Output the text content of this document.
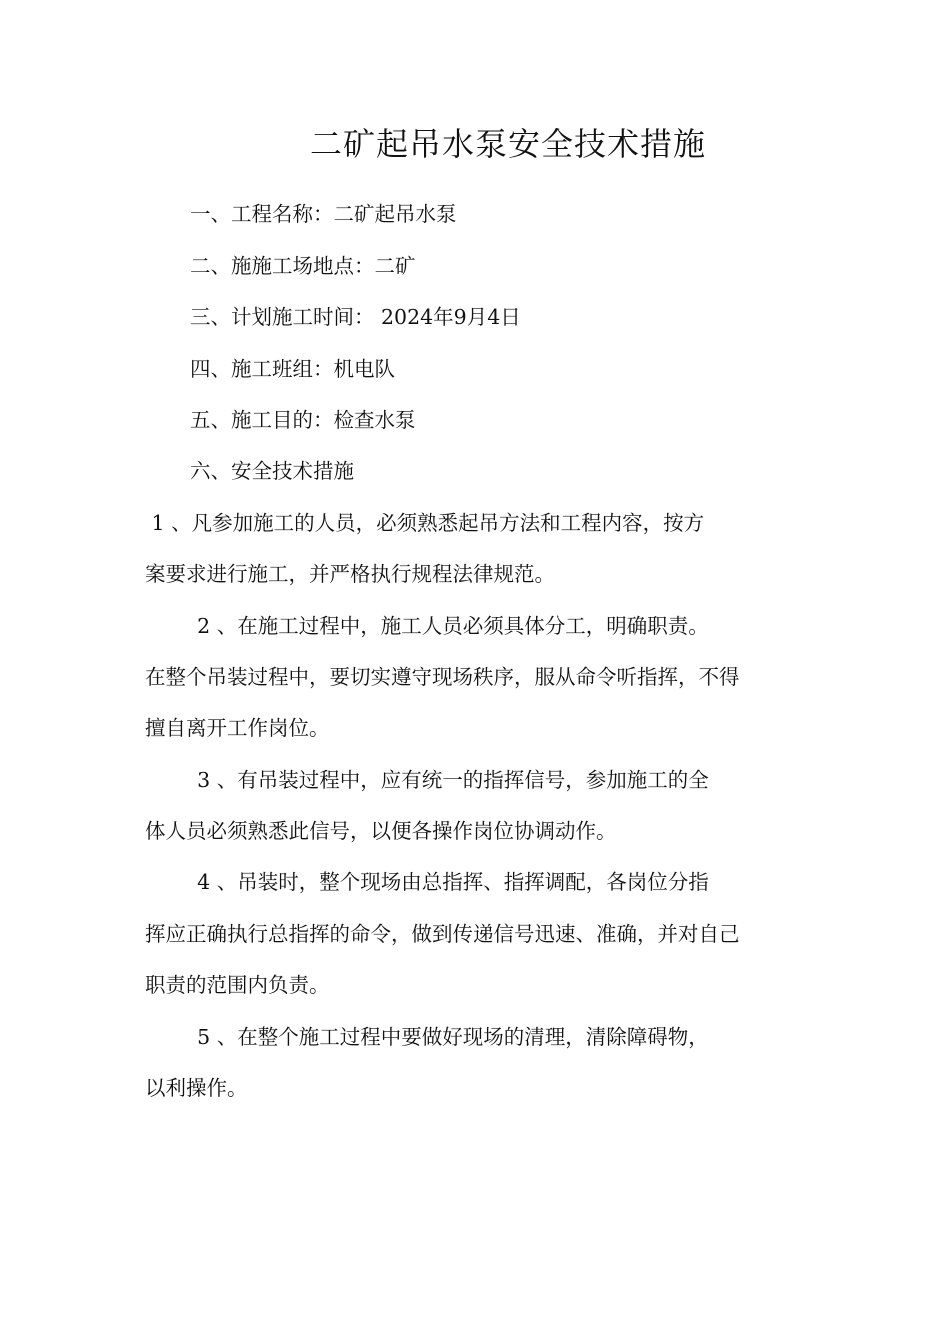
二矿起吊水泵安全技术措施

一、工程名称：二矿起吊水泵

二、施施工场地点：二矿

三、计划施工时间： 2024年9月4日

四、施工班组：机电队

五、施工目的：检查水泵

六、安全技术措施

1 、凡参加施工的人员，必须熟悉起吊方法和工程内容，按方

案要求进行施工，并严格执行规程法律规范。

2 、在施工过程中，施工人员必须具体分工，明确职责。

在整个吊装过程中，要切实遵守现场秩序，服从命令听指挥，不得

擅自离开工作岗位。

3 、有吊装过程中，应有统一的指挥信号，参加施工的全

体人员必须熟悉此信号，以便各操作岗位协调动作。

4 、吊装时，整个现场由总指挥、指挥调配，各岗位分指

挥应正确执行总指挥的命令，做到传递信号迅速、准确，并对自己

职责的范围内负责。

5 、在整个施工过程中要做好现场的清理，清除障碍物，

以利操作。
